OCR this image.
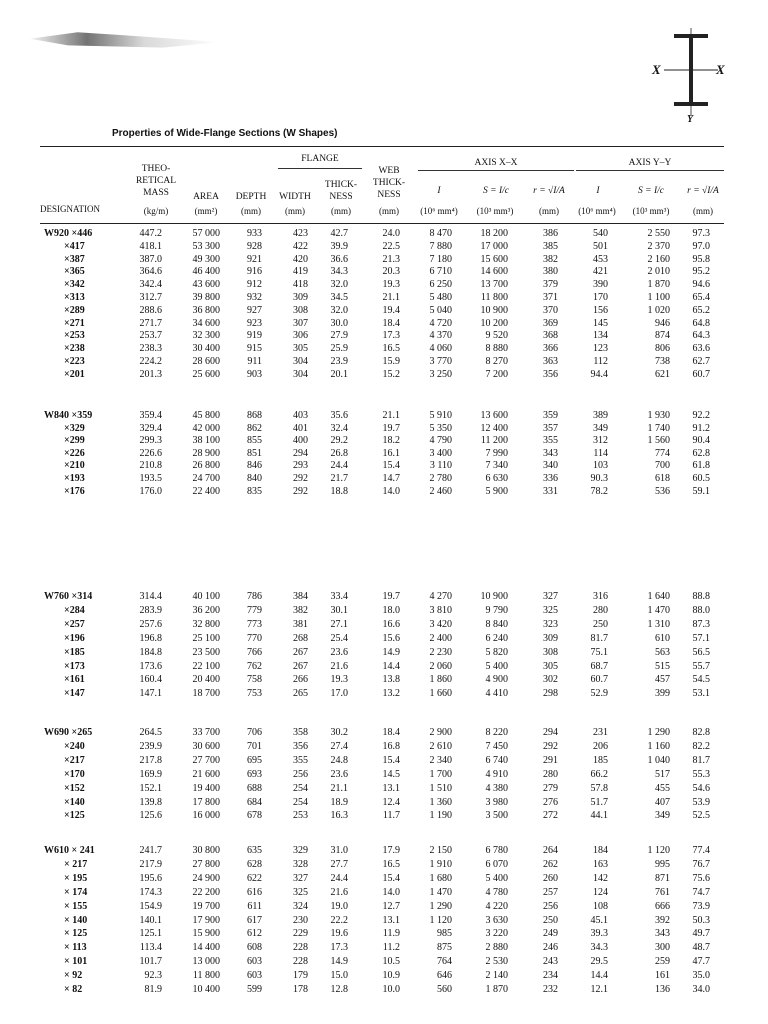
X	X
Y
Properties of Wide-Flange Sections (W Shapes)
FLANGE	AXIS X–X	AXIS Y–Y
THEO-
RETICAL
MASS
DESIGNATION	(kg/m)
AREA
(mm²)
DEPTH
(mm)
WIDTH
(mm)
THICK-
NESS
(mm)
WEB
THICK-
NESS
(mm)
I
(10⁶ mm⁴)
S = I/c
(10³ mm³)
r = √I/A
(mm)
I
(10⁶ mm⁴)
S = I/c
(10³ mm³)
r = √I/A
(mm)
W920 ×446	447.2	57 000	933	423	42.7	24.0	8 470	18 200	386	540	2 550	97.3
×417	418.1	53 300	928	422	39.9	22.5	7 880	17 000	385	501	2 370	97.0
×387	387.0	49 300	921	420	36.6	21.3	7 180	15 600	382	453	2 160	95.8
×365	364.6	46 400	916	419	34.3	20.3	6 710	14 600	380	421	2 010	95.2
×342	342.4	43 600	912	418	32.0	19.3	6 250	13 700	379	390	1 870	94.6
×313	312.7	39 800	932	309	34.5	21.1	5 480	11 800	371	170	1 100	65.4
×289	288.6	36 800	927	308	32.0	19.4	5 040	10 900	370	156	1 020	65.2
×271	271.7	34 600	923	307	30.0	18.4	4 720	10 200	369	145	946	64.8
×253	253.7	32 300	919	306	27.9	17.3	4 370	9 520	368	134	874	64.3
×238	238.3	30 400	915	305	25.9	16.5	4 060	8 880	366	123	806	63.6
×223	224.2	28 600	911	304	23.9	15.9	3 770	8 270	363	112	738	62.7
×201	201.3	25 600	903	304	20.1	15.2	3 250	7 200	356	94.4	621	60.7
W840 ×359	359.4	45 800	868	403	35.6	21.1	5 910	13 600	359	389	1 930	92.2
×329	329.4	42 000	862	401	32.4	19.7	5 350	12 400	357	349	1 740	91.2
×299	299.3	38 100	855	400	29.2	18.2	4 790	11 200	355	312	1 560	90.4
×226	226.6	28 900	851	294	26.8	16.1	3 400	7 990	343	114	774	62.8
×210	210.8	26 800	846	293	24.4	15.4	3 110	7 340	340	103	700	61.8
×193	193.5	24 700	840	292	21.7	14.7	2 780	6 630	336	90.3	618	60.5
×176	176.0	22 400	835	292	18.8	14.0	2 460	5 900	331	78.2	536	59.1
W760 ×314	314.4	40 100	786	384	33.4	19.7	4 270	10 900	327	316	1 640	88.8
×284	283.9	36 200	779	382	30.1	18.0	3 810	9 790	325	280	1 470	88.0
×257	257.6	32 800	773	381	27.1	16.6	3 420	8 840	323	250	1 310	87.3
×196	196.8	25 100	770	268	25.4	15.6	2 400	6 240	309	81.7	610	57.1
×185	184.8	23 500	766	267	23.6	14.9	2 230	5 820	308	75.1	563	56.5
×173	173.6	22 100	762	267	21.6	14.4	2 060	5 400	305	68.7	515	55.7
×161	160.4	20 400	758	266	19.3	13.8	1 860	4 900	302	60.7	457	54.5
×147	147.1	18 700	753	265	17.0	13.2	1 660	4 410	298	52.9	399	53.1
W690 ×265	264.5	33 700	706	358	30.2	18.4	2 900	8 220	294	231	1 290	82.8
×240	239.9	30 600	701	356	27.4	16.8	2 610	7 450	292	206	1 160	82.2
×217	217.8	27 700	695	355	24.8	15.4	2 340	6 740	291	185	1 040	81.7
×170	169.9	21 600	693	256	23.6	14.5	1 700	4 910	280	66.2	517	55.3
×152	152.1	19 400	688	254	21.1	13.1	1 510	4 380	279	57.8	455	54.6
×140	139.8	17 800	684	254	18.9	12.4	1 360	3 980	276	51.7	407	53.9
×125	125.6	16 000	678	253	16.3	11.7	1 190	3 500	272	44.1	349	52.5
W610 × 241	241.7	30 800	635	329	31.0	17.9	2 150	6 780	264	184	1 120	77.4
× 217	217.9	27 800	628	328	27.7	16.5	1 910	6 070	262	163	995	76.7
× 195	195.6	24 900	622	327	24.4	15.4	1 680	5 400	260	142	871	75.6
× 174	174.3	22 200	616	325	21.6	14.0	1 470	4 780	257	124	761	74.7
× 155	154.9	19 700	611	324	19.0	12.7	1 290	4 220	256	108	666	73.9
× 140	140.1	17 900	617	230	22.2	13.1	1 120	3 630	250	45.1	392	50.3
× 125	125.1	15 900	612	229	19.6	11.9	985	3 220	249	39.3	343	49.7
× 113	113.4	14 400	608	228	17.3	11.2	875	2 880	246	34.3	300	48.7
× 101	101.7	13 000	603	228	14.9	10.5	764	2 530	243	29.5	259	47.7
× 92	92.3	11 800	603	179	15.0	10.9	646	2 140	234	14.4	161	35.0
× 82	81.9	10 400	599	178	12.8	10.0	560	1 870	232	12.1	136	34.0
